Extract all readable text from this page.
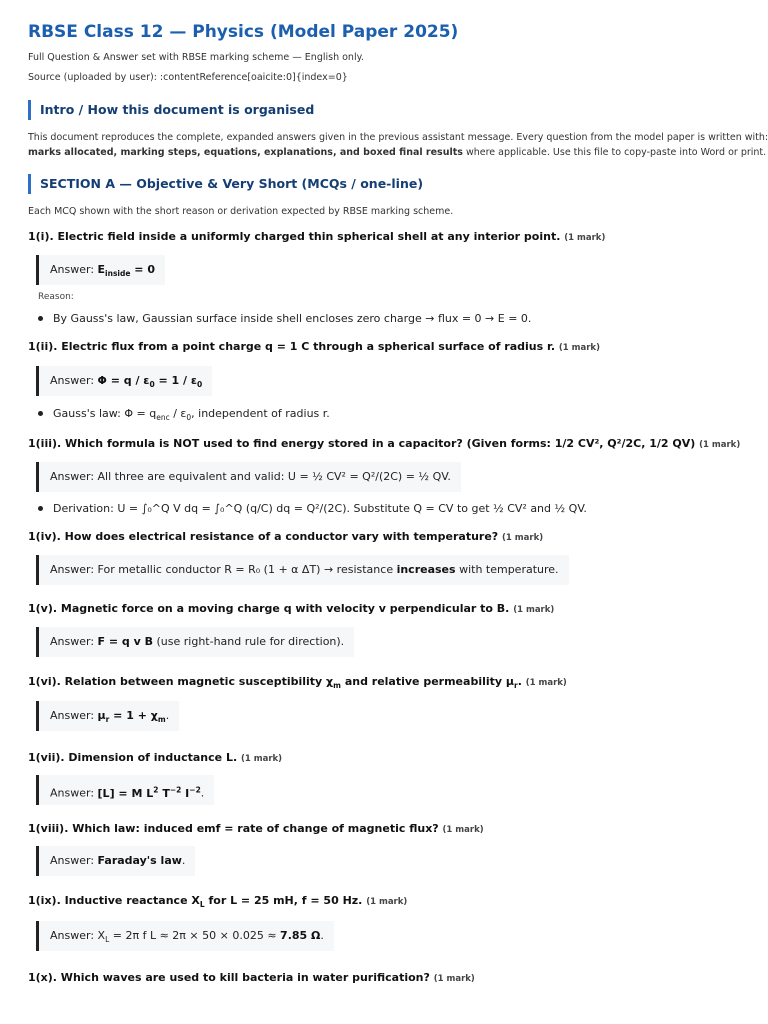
RBSE Class 12 — Physics (Model Paper 2025)
Full Question & Answer set with RBSE marking scheme — English only.
Source (uploaded by user): :contentReference[oaicite:0]{index=0}
Intro / How this document is organised
This document reproduces the complete, expanded answers given in the previous assistant message. Every question from the model paper is written with:
marks allocated, marking steps, equations, explanations, and boxed final results where applicable. Use this file to copy-paste into Word or print.
SECTION A — Objective & Very Short (MCQs / one-line)
Each MCQ shown with the short reason or derivation expected by RBSE marking scheme.
1(i). Electric field inside a uniformly charged thin spherical shell at any interior point. (1 mark)
Answer: $E_{inside} = 0$
Reason:
By Gauss's law, Gaussian surface inside shell encloses zero charge → flux = 0 → E = 0.
1(ii). Electric flux from a point charge q = 1 C through a spherical surface of radius r. (1 mark)
Answer: $\Phi = q / \varepsilon_0 = 1 / \varepsilon_0$
Gauss's law: $\Phi = q_{enc} / \varepsilon_0$, independent of radius r.
1(iii). Which formula is NOT used to find energy stored in a capacitor? (Given forms: 1/2 CV², Q²/2C, 1/2 QV) (1 mark)
Answer: All three are equivalent and valid: U = ½ CV² = Q²/(2C) = ½ QV.
Derivation: U = ∫₀^Q V dq = ∫₀^Q (q/C) dq = Q²/(2C). Substitute Q = CV to get ½ CV² and ½ QV.
1(iv). How does electrical resistance of a conductor vary with temperature? (1 mark)
Answer: For metallic conductor R = R₀ (1 + α ΔT) → resistance increases with temperature.
1(v). Magnetic force on a moving charge q with velocity v perpendicular to B. (1 mark)
Answer: F = q v B (use right-hand rule for direction).
1(vi). Relation between magnetic susceptibility $\chi_m$ and relative permeability $\mu_r$. (1 mark)
Answer: $\mu_r = 1 + \chi_m$.
1(vii). Dimension of inductance L. (1 mark)
Answer: [L] = M $L^2$ $T^{-2}$ $I^{-2}$.
1(viii). Which law: induced emf = rate of change of magnetic flux? (1 mark)
Answer: Faraday's law.
1(ix). Inductive reactance $X_L$ for L = 25 mH, f = 50 Hz. (1 mark)
Answer: $X_L = 2\pi$ f L ≈ 2π × 50 × 0.025 ≈ 7.85 Ω.
1(x). Which waves are used to kill bacteria in water purification? (1 mark)
